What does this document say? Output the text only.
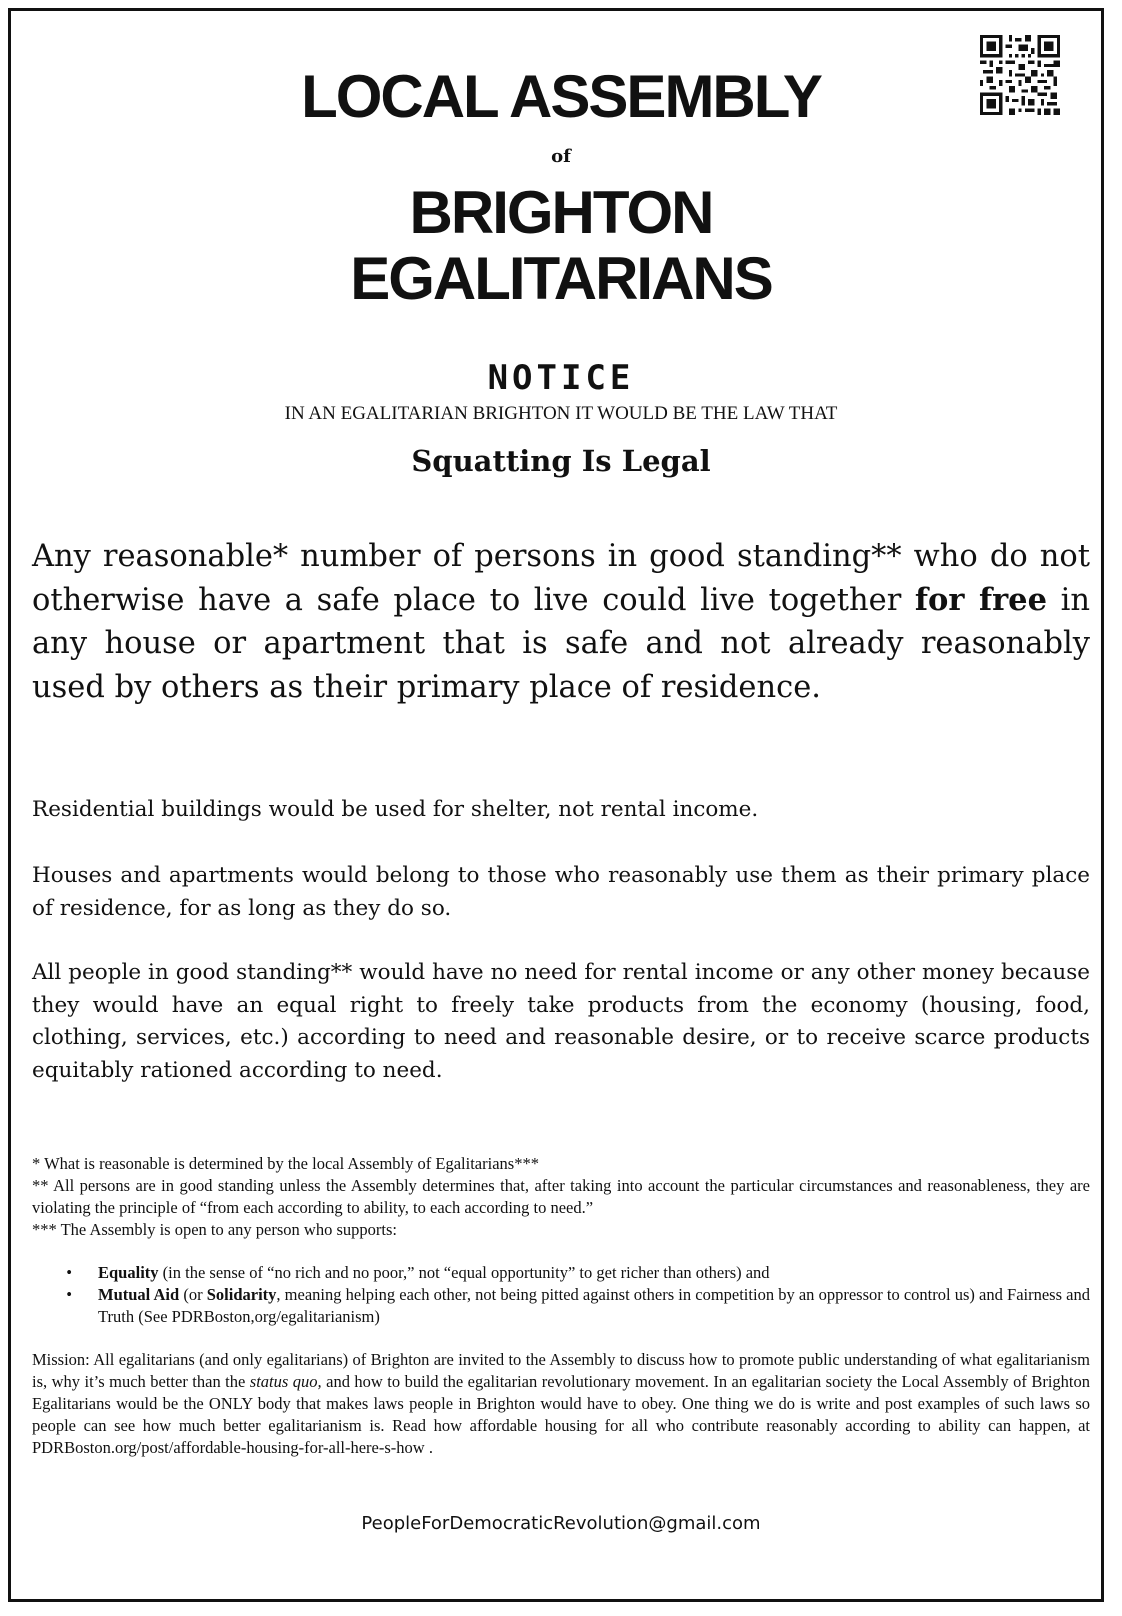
LOCAL ASSEMBLY
of
BRIGHTON
EGALITARIANS
NOTICE
IN AN EGALITARIAN BRIGHTON IT WOULD BE THE LAW THAT
Squatting Is Legal
Any reasonable* number of persons in good standing** who do not otherwise have a safe place to live could live together for free in any house or apartment that is safe and not already reasonably used by others as their primary place of residence.
Residential buildings would be used for shelter, not rental income.
Houses and apartments would belong to those who reasonably use them as their primary place of residence, for as long as they do so.
All people in good standing** would have no need for rental income or any other money because they would have an equal right to freely take products from the economy (housing, food, clothing, services, etc.) according to need and reasonable desire, or to receive scarce products equitably rationed according to need.
* What is reasonable is determined by the local Assembly of Egalitarians***
** All persons are in good standing unless the Assembly determines that, after taking into account the particular circumstances and reasonableness, they are violating the principle of “from each according to ability, to each according to need.”
*** The Assembly is open to any person who supports:
•	Equality (in the sense of “no rich and no poor,” not “equal opportunity” to get richer than others) and
•	Mutual Aid (or Solidarity, meaning helping each other, not being pitted against others in competition by an oppressor to control us) and Fairness and Truth (See PDRBoston,org/egalitarianism)
Mission: All egalitarians (and only egalitarians) of Brighton are invited to the Assembly to discuss how to promote public understanding of what egalitarianism is, why it’s much better than the status quo, and how to build the egalitarian revolutionary movement. In an egalitarian society the Local Assembly of Brighton Egalitarians would be the ONLY body that makes laws people in Brighton would have to obey. One thing we do is write and post examples of such laws so people can see how much better egalitarianism is. Read how affordable housing for all who contribute reasonably according to ability can happen, at PDRBoston.org/post/affordable-housing-for-all-here-s-how .
PeopleForDemocraticRevolution@gmail.com
